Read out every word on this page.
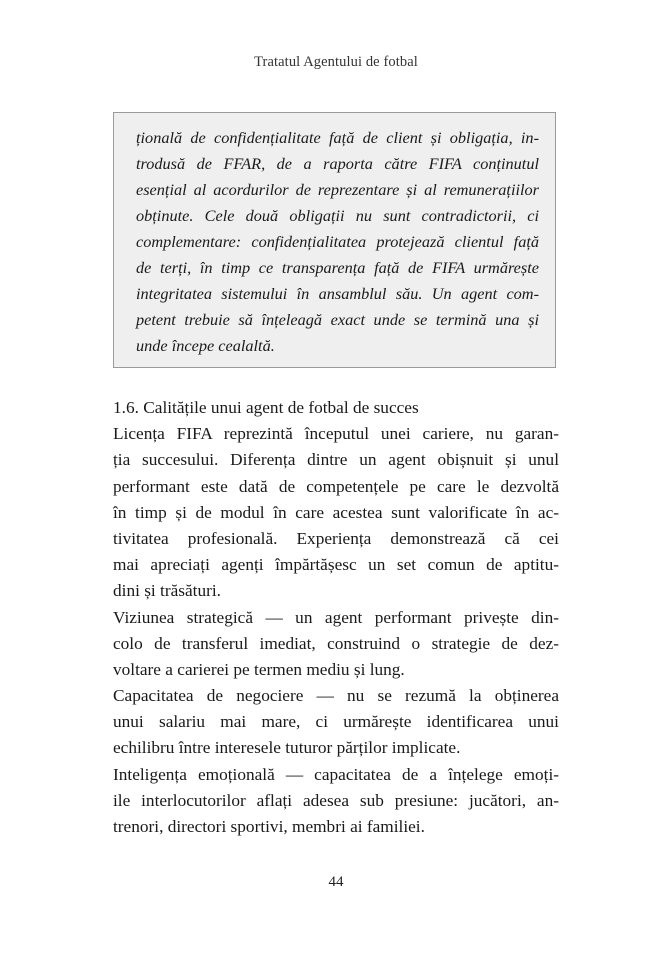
Tratatul Agentului de fotbal
țională de confidențialitate față de client și obligația, in-
trodusă de FFAR, de a raporta către FIFA conținutul
esențial al acordurilor de reprezentare și al remunerațiilor
obținute. Cele două obligații nu sunt contradictorii, ci
complementare: confidențialitatea protejează clientul față
de terți, în timp ce transparența față de FIFA urmărește
integritatea sistemului în ansamblul său. Un agent com-
petent trebuie să înțeleagă exact unde se termină una și
unde începe cealaltă.
1.6. Calitățile unui agent de fotbal de succes
Licența FIFA reprezintă începutul unei cariere, nu garan-
ția succesului. Diferența dintre un agent obișnuit și unul
performant este dată de competențele pe care le dezvoltă
în timp și de modul în care acestea sunt valorificate în ac-
tivitatea profesională. Experiența demonstrează că cei
mai apreciați agenți împărtășesc un set comun de aptitu-
dini și trăsături.
Viziunea strategică — un agent performant privește din-
colo de transferul imediat, construind o strategie de dez-
voltare a carierei pe termen mediu și lung.
Capacitatea de negociere — nu se rezumă la obținerea
unui salariu mai mare, ci urmărește identificarea unui
echilibru între interesele tuturor părților implicate.
Inteligența emoțională — capacitatea de a înțelege emoți-
ile interlocutorilor aflați adesea sub presiune: jucători, an-
trenori, directori sportivi, membri ai familiei.
44
